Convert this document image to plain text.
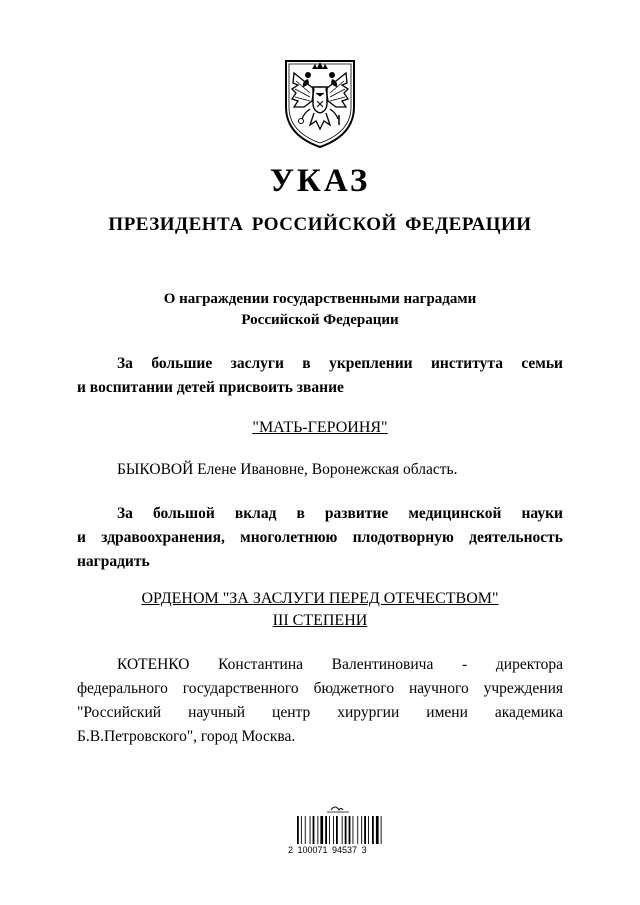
УКАЗ
ПРЕЗИДЕНТА РОССИЙСКОЙ ФЕДЕРАЦИИ
О награждении государственными наградами
Российской Федерации
За большие заслуги в укреплении института семьи
и воспитании детей присвоить звание
"МАТЬ-ГЕРОИНЯ"
БЫКОВОЙ Елене Ивановне, Воронежская область.
За большой вклад в развитие медицинской науки
и здравоохранения, многолетнюю плодотворную деятельность
наградить
ОРДЕНОМ "ЗА ЗАСЛУГИ ПЕРЕД ОТЕЧЕСТВОМ"
III СТЕПЕНИ
КОТЕНКО Константина Валентиновича - директора
федерального государственного бюджетного научного учреждения
"Российский научный центр хирургии имени академика
Б.В.Петровского", город Москва.
2 100071 94537 3
